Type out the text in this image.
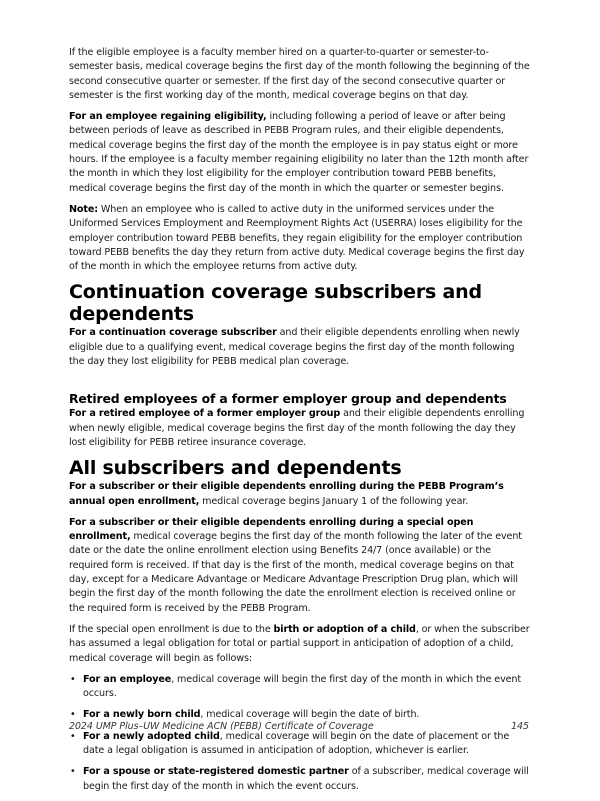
If the eligible employee is a faculty member hired on a quarter-to-quarter or semester-to-semester basis, medical coverage begins the first day of the month following the beginning of the second consecutive quarter or semester. If the first day of the second consecutive quarter or semester is the first working day of the month, medical coverage begins on that day.

For an employee regaining eligibility, including following a period of leave or after being between periods of leave as described in PEBB Program rules, and their eligible dependents, medical coverage begins the first day of the month the employee is in pay status eight or more hours. If the employee is a faculty member regaining eligibility no later than the 12th month after the month in which they lost eligibility for the employer contribution toward PEBB benefits, medical coverage begins the first day of the month in which the quarter or semester begins.

Note: When an employee who is called to active duty in the uniformed services under the Uniformed Services Employment and Reemployment Rights Act (USERRA) loses eligibility for the employer contribution toward PEBB benefits, they regain eligibility for the employer contribution toward PEBB benefits the day they return from active duty. Medical coverage begins the first day of the month in which the employee returns from active duty.

Continuation coverage subscribers and dependents

For a continuation coverage subscriber and their eligible dependents enrolling when newly eligible due to a qualifying event, medical coverage begins the first day of the month following the day they lost eligibility for PEBB medical plan coverage.

Retired employees of a former employer group and dependents

For a retired employee of a former employer group and their eligible dependents enrolling when newly eligible, medical coverage begins the first day of the month following the day they lost eligibility for PEBB retiree insurance coverage.

All subscribers and dependents

For a subscriber or their eligible dependents enrolling during the PEBB Program’s annual open enrollment, medical coverage begins January 1 of the following year.

For a subscriber or their eligible dependents enrolling during a special open enrollment, medical coverage begins the first day of the month following the later of the event date or the date the online enrollment election using Benefits 24/7 (once available) or the required form is received. If that day is the first of the month, medical coverage begins on that day, except for a Medicare Advantage or Medicare Advantage Prescription Drug plan, which will begin the first day of the month following the date the enrollment election is received online or the required form is received by the PEBB Program.

If the special open enrollment is due to the birth or adoption of a child, or when the subscriber has assumed a legal obligation for total or partial support in anticipation of adoption of a child, medical coverage will begin as follows:

• For an employee, medical coverage will begin the first day of the month in which the event occurs.
• For a newly born child, medical coverage will begin the date of birth.
• For a newly adopted child, medical coverage will begin on the date of placement or the date a legal obligation is assumed in anticipation of adoption, whichever is earlier.
• For a spouse or state-registered domestic partner of a subscriber, medical coverage will begin the first day of the month in which the event occurs.
2024 UMP Plus–UW Medicine ACN (PEBB) Certificate of Coverage	145
